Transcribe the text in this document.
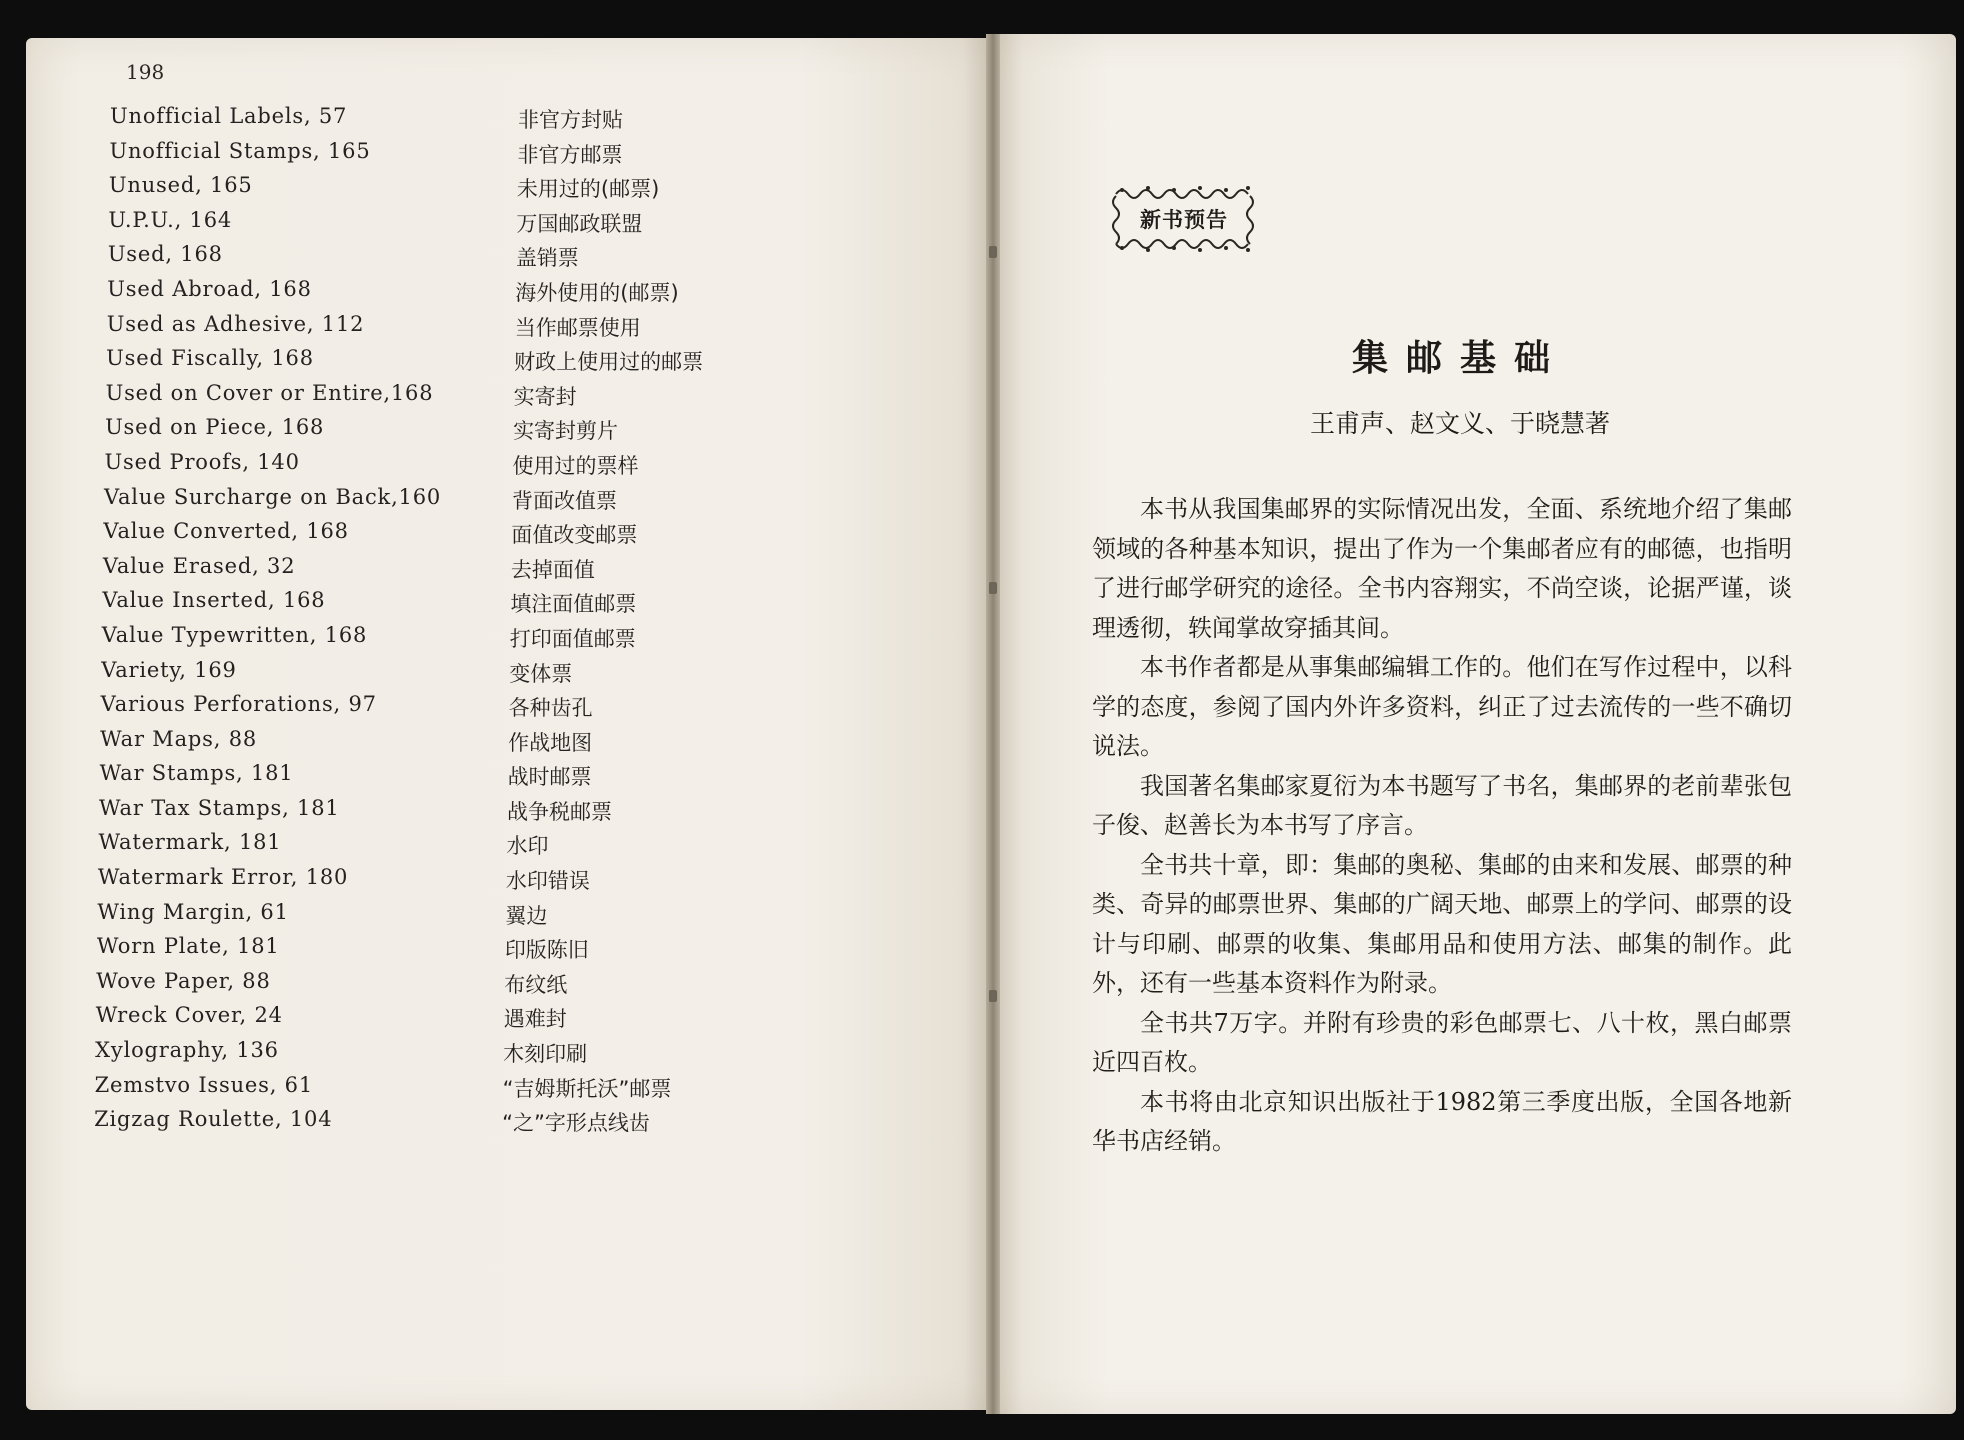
198
Unofficial Labels, 57	非官方封贴
Unofficial Stamps, 165	非官方邮票
Unused, 165	未用过的(邮票)
U.P.U., 164	万国邮政联盟
Used, 168	盖销票
Used Abroad, 168	海外使用的(邮票)
Used as Adhesive, 112	当作邮票使用
Used Fiscally, 168	财政上使用过的邮票
Used on Cover or Entire,168	实寄封
Used on Piece, 168	实寄封剪片
Used Proofs, 140	使用过的票样
Value Surcharge on Back,160	背面改值票
Value Converted, 168	面值改变邮票
Value Erased, 32	去掉面值
Value Inserted, 168	填注面值邮票
Value Typewritten, 168	打印面值邮票
Variety, 169	变体票
Various Perforations, 97	各种齿孔
War Maps, 88	作战地图
War Stamps, 181	战时邮票
War Tax Stamps, 181	战争税邮票
Watermark, 181	水印
Watermark Error, 180	水印错误
Wing Margin, 61	翼边
Worn Plate, 181	印版陈旧
Wove Paper, 88	布纹纸
Wreck Cover, 24	遇难封
Xylography, 136	木刻印刷
Zemstvo Issues, 61	“吉姆斯托沃”邮票
Zigzag Roulette, 104	“之”字形点线齿
新书预告
集邮基础
王甫声、赵文义、于晓慧著

本书从我国集邮界的实际情况出发，全面、系统地介绍了集邮领域的各种基本知识，提出了作为一个集邮者应有的邮德，也指明了进行邮学研究的途径。全书内容翔实，不尚空谈，论据严谨，谈理透彻，轶闻掌故穿插其间。

本书作者都是从事集邮编辑工作的。他们在写作过程中，以科学的态度，参阅了国内外许多资料，纠正了过去流传的一些不确切说法。

我国著名集邮家夏衍为本书题写了书名，集邮界的老前辈张包子俊、赵善长为本书写了序言。

全书共十章，即：集邮的奥秘、集邮的由来和发展、邮票的种类、奇异的邮票世界、集邮的广阔天地、邮票上的学问、邮票的设计与印刷、邮票的收集、集邮用品和使用方法、邮集的制作。此外，还有一些基本资料作为附录。

全书共7万字。并附有珍贵的彩色邮票七、八十枚，黑白邮票近四百枚。

本书将由北京知识出版社于1982第三季度出版，全国各地新华书店经销。
